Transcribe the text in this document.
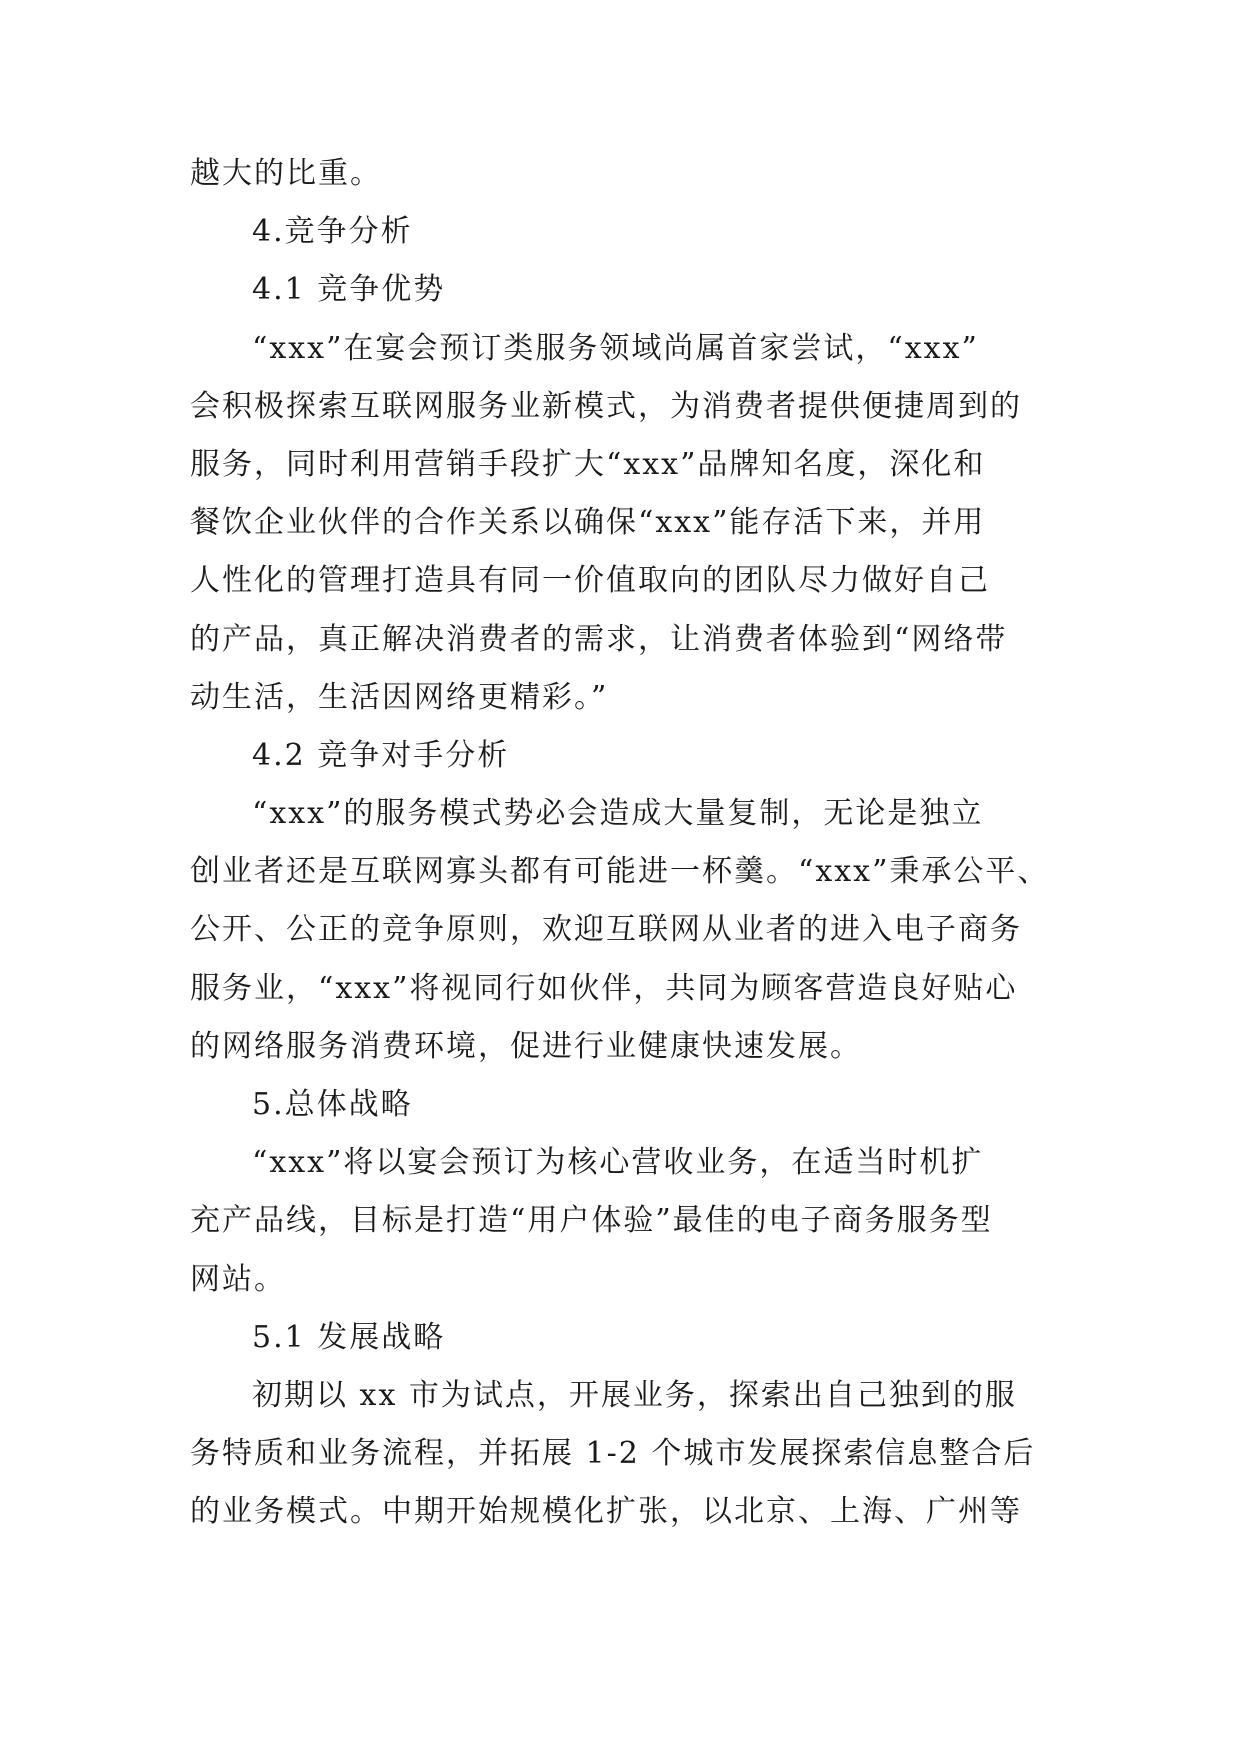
越大的比重。
4.竞争分析
4.1 竞争优势
“xxx”在宴会预订类服务领域尚属首家尝试，“xxx”
会积极探索互联网服务业新模式，为消费者提供便捷周到的
服务，同时利用营销手段扩大“xxx”品牌知名度，深化和
餐饮企业伙伴的合作关系以确保“xxx”能存活下来，并用
人性化的管理打造具有同一价值取向的团队尽力做好自己
的产品，真正解决消费者的需求，让消费者体验到“网络带
动生活，生活因网络更精彩。”
4.2 竞争对手分析
“xxx”的服务模式势必会造成大量复制，无论是独立
创业者还是互联网寡头都有可能进一杯羹。“xxx”秉承公平、
公开、公正的竞争原则，欢迎互联网从业者的进入电子商务
服务业，“xxx”将视同行如伙伴，共同为顾客营造良好贴心
的网络服务消费环境，促进行业健康快速发展。
5.总体战略
“xxx”将以宴会预订为核心营收业务，在适当时机扩
充产品线，目标是打造“用户体验”最佳的电子商务服务型
网站。
5.1 发展战略
初期以 xx 市为试点，开展业务，探索出自己独到的服
务特质和业务流程，并拓展 1-2 个城市发展探索信息整合后
的业务模式。中期开始规模化扩张，以北京、上海、广州等
